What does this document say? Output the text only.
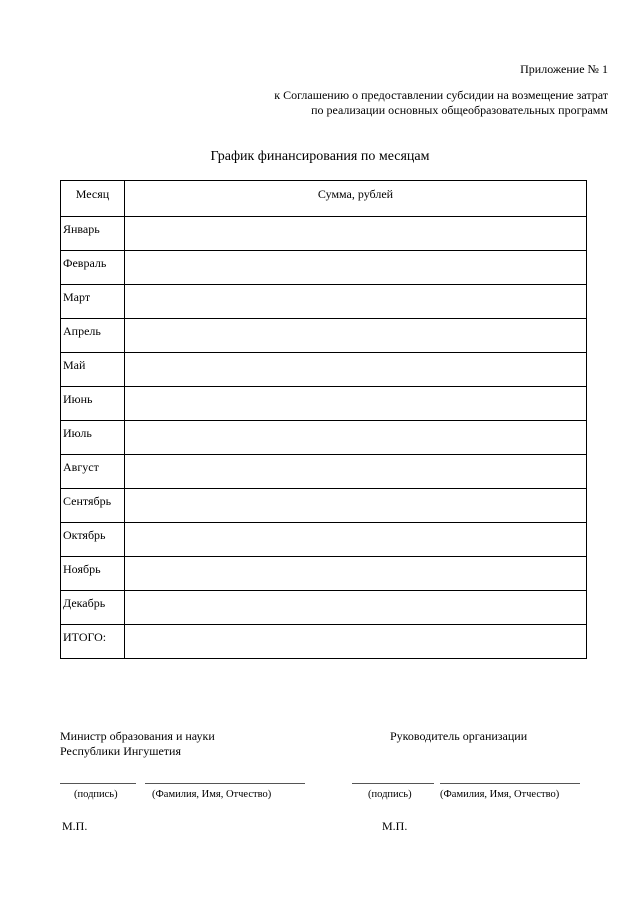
Приложение № 1
к Соглашению о предоставлении субсидии на возмещение затрат
по реализации основных общеобразовательных программ
График финансирования по месяцам
Месяц	Сумма, рублей
Январь	
Февраль	
Март	
Апрель	
Май	
Июнь	
Июль	
Август	
Сентябрь	
Октябрь	
Ноябрь	
Декабрь	
ИТОГО:	
Министр образования и науки
Республики Ингушетия
Руководитель организации
(подпись)	(Фамилия, Имя, Отчество)	(подпись)	(Фамилия, Имя, Отчество)
М.П.	М.П.
